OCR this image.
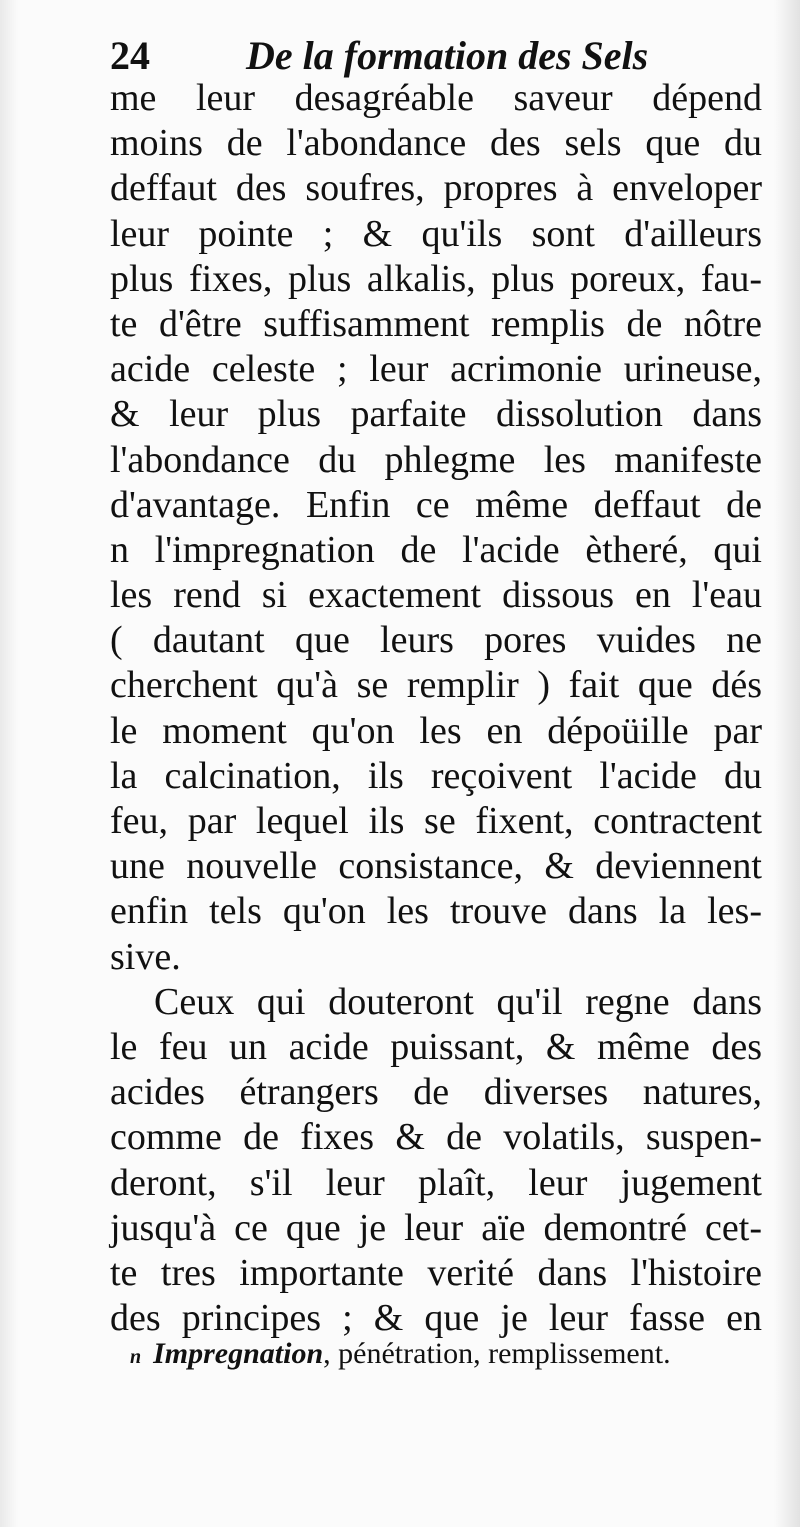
24 De la formation des Sels
me leur desagréable saveur dépend
moins de l'abondance des sels que du
deffaut des soufres, propres à enveloper
leur pointe ; & qu'ils sont d'ailleurs
plus fixes, plus alkalis, plus poreux, fau-
te d'être suffisamment remplis de nôtre
acide celeste ; leur acrimonie urineuse,
& leur plus parfaite dissolution dans
l'abondance du phlegme les manifeste
d'avantage. Enfin ce même deffaut de
n l'impregnation de l'acide ètheré, qui
les rend si exactement dissous en l'eau
( dautant que leurs pores vuides ne
cherchent qu'à se remplir ) fait que dés
le moment qu'on les en dépoüille par
la calcination, ils reçoivent l'acide du
feu, par lequel ils se fixent, contractent
une nouvelle consistance, & deviennent
enfin tels qu'on les trouve dans la les-
sive.
Ceux qui douteront qu'il regne dans
le feu un acide puissant, & même des
acides étrangers de diverses natures,
comme de fixes & de volatils, suspen-
deront, s'il leur plaît, leur jugement
jusqu'à ce que je leur aïe demontré cet-
te tres importante verité dans l'histoire
des principes ; & que je leur fasse en
n Impregnation, pénétration, remplissement.
